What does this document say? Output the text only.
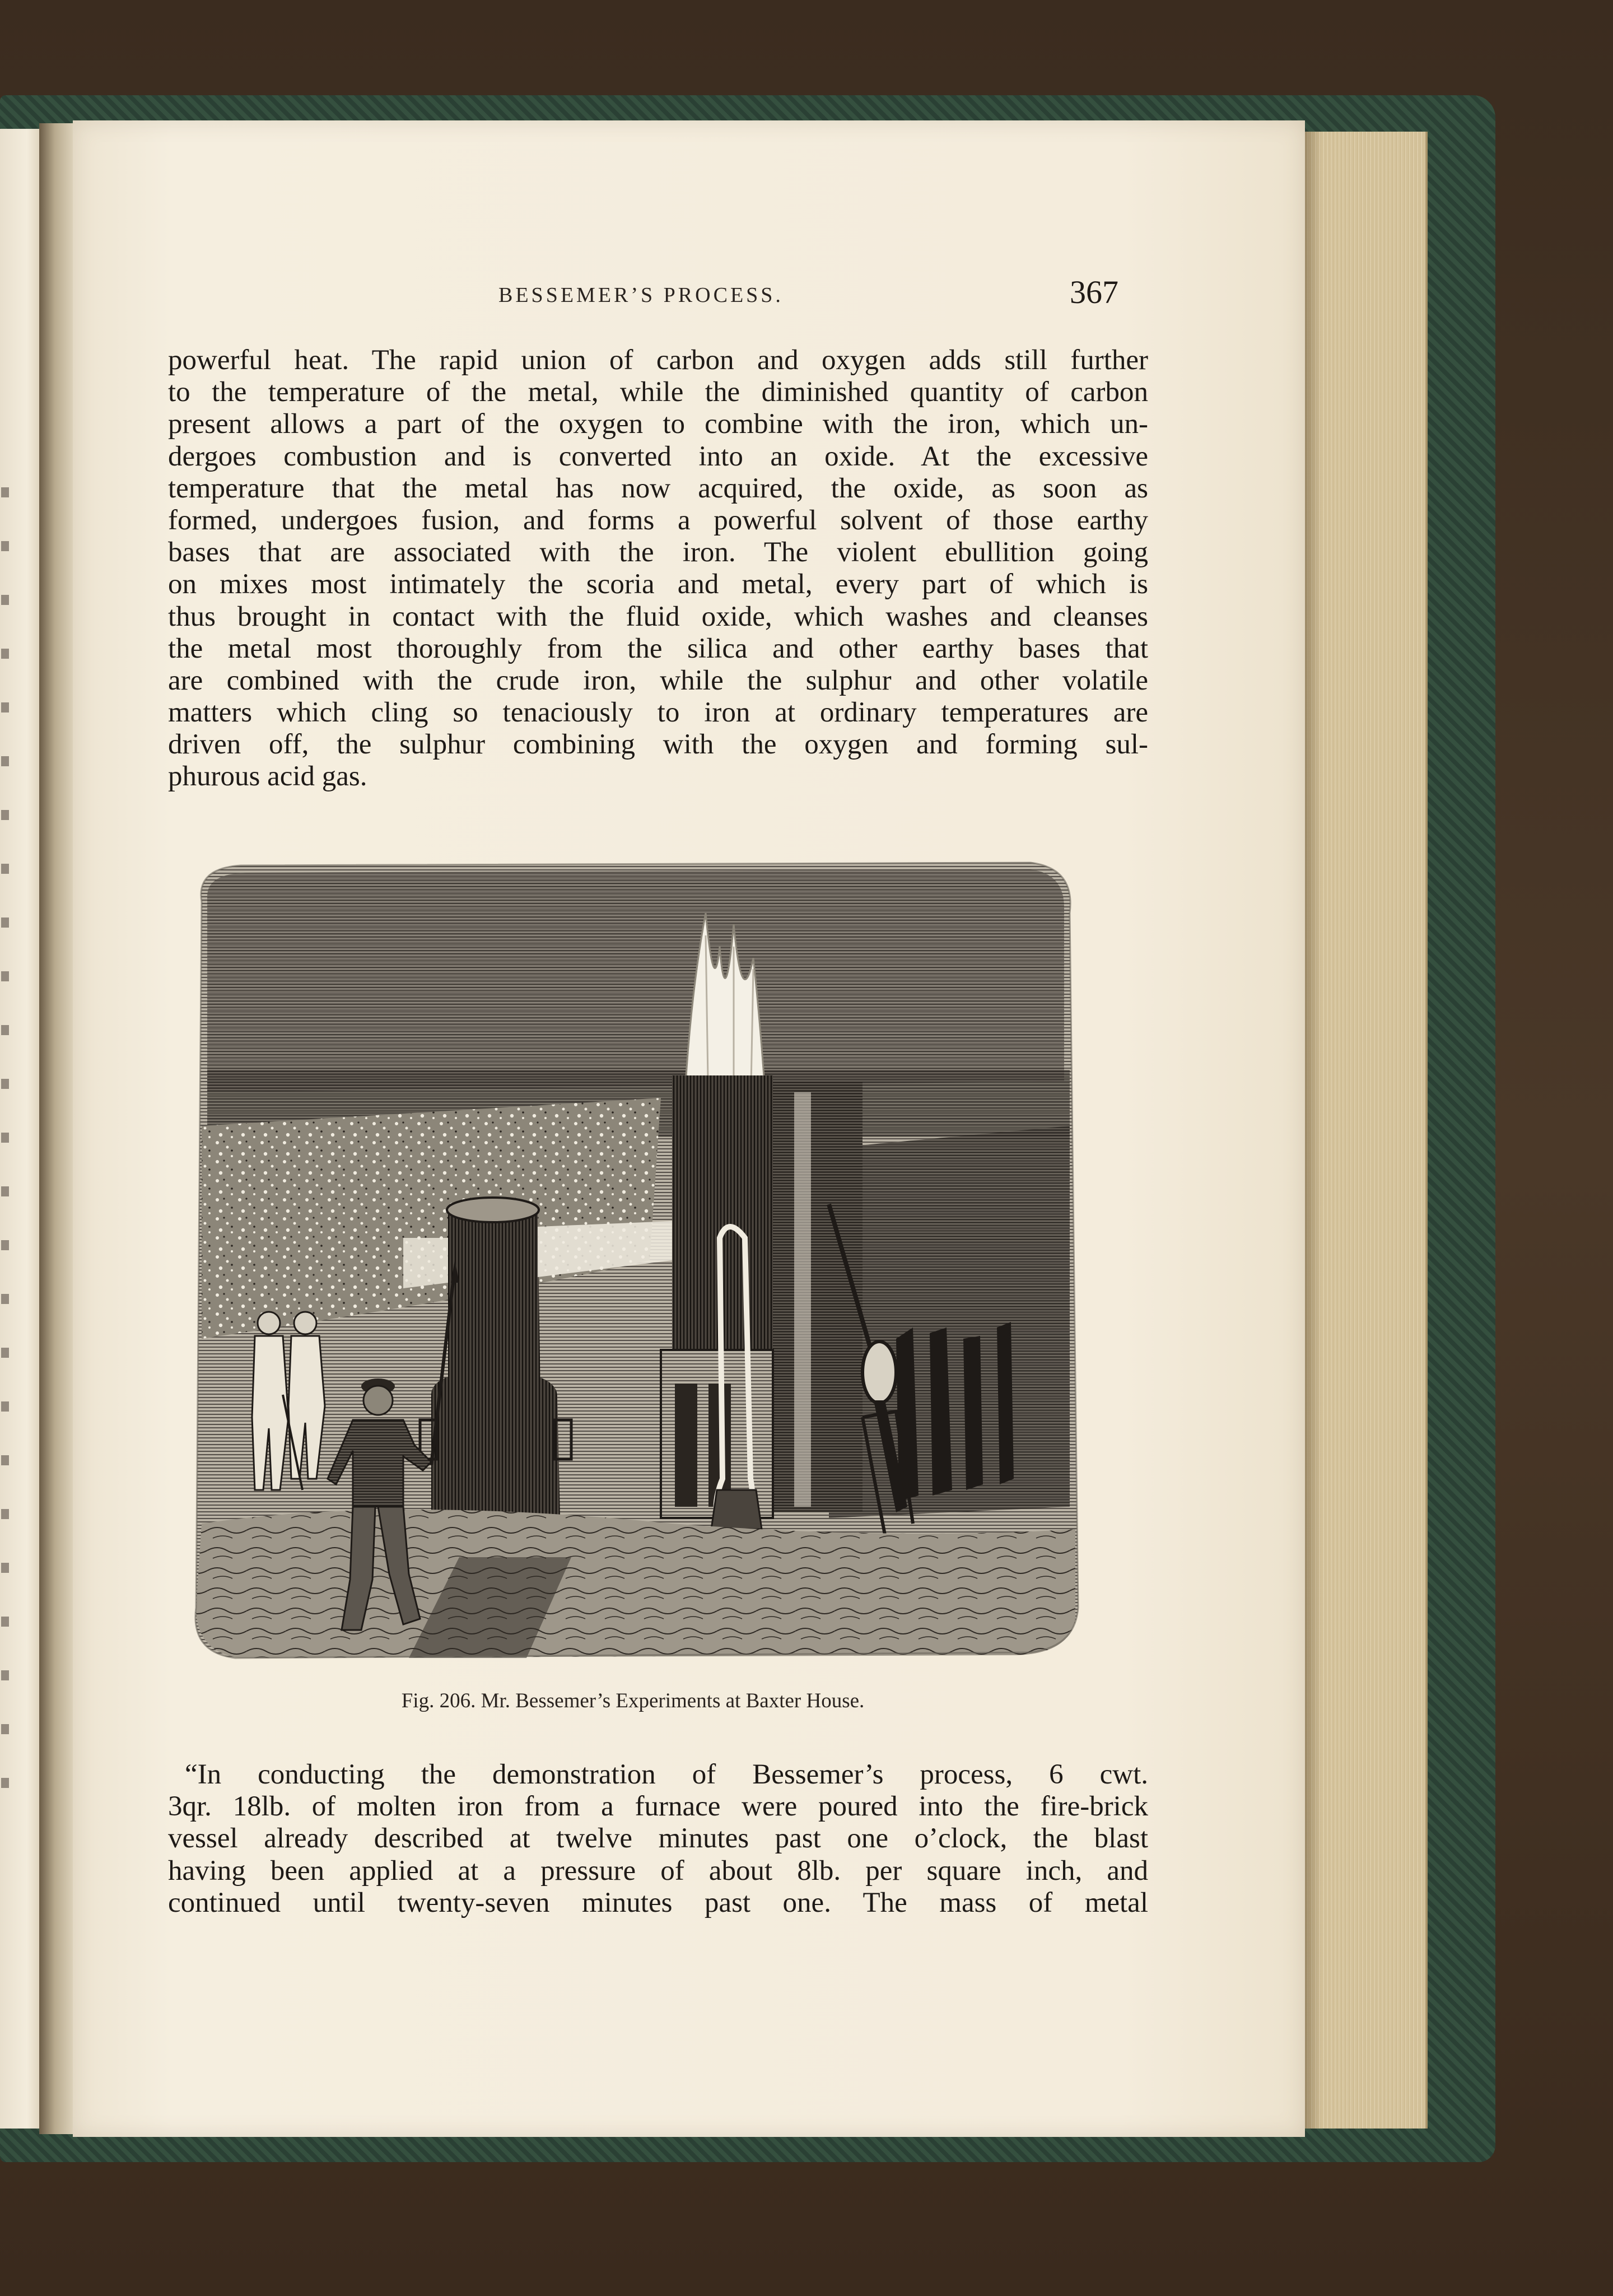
BESSEMER’S PROCESS.	367
powerful heat. The rapid union of carbon and oxygen adds still further
to the temperature of the metal, while the diminished quantity of carbon
present allows a part of the oxygen to combine with the iron, which un-
dergoes combustion and is converted into an oxide. At the excessive
temperature that the metal has now acquired, the oxide, as soon as
formed, undergoes fusion, and forms a powerful solvent of those earthy
bases that are associated with the iron. The violent ebullition going
on mixes most intimately the scoria and metal, every part of which is
thus brought in contact with the fluid oxide, which washes and cleanses
the metal most thoroughly from the silica and other earthy bases that
are combined with the crude iron, while the sulphur and other volatile
matters which cling so tenaciously to iron at ordinary temperatures are
driven off, the sulphur combining with the oxygen and forming sul-
phurous acid gas.
Fig. 206. Mr. Bessemer’s Experiments at Baxter House.
“In conducting the demonstration of Bessemer’s process, 6 cwt.
3qr. 18lb. of molten iron from a furnace were poured into the fire-brick
vessel already described at twelve minutes past one o’clock, the blast
having been applied at a pressure of about 8lb. per square inch, and
continued until twenty-seven minutes past one. The mass of metal
